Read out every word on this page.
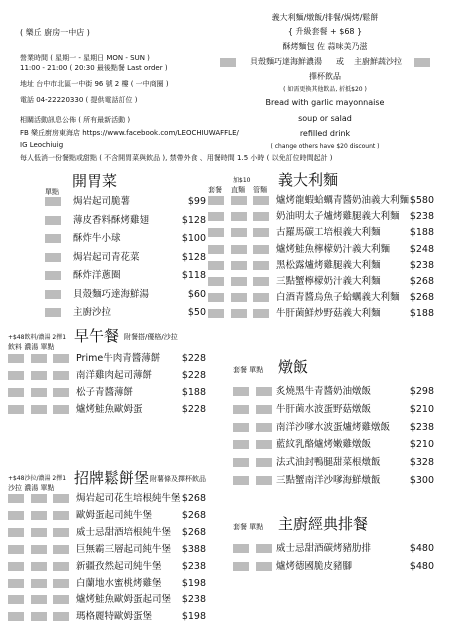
( 樂丘 廚房一中店 )
營業時間 ( 星期一 - 星期日 MON - SUN )
11:00 - 21:00 ( 20:30 最後點餐 Last order )
地址 台中市北區一中街 96 號 2 樓 ( 一中商圈 )
電話 04-22220330 ( 提供電話訂位 )
相關活動訊息公佈 ( 所有最新活動 )
FB 樂丘廚房東海店 https://www.facebook.com/LEOCHIUWAFFLE/
IG Leochiuig
每人低消一份餐點或甜點 ( 不含開胃菜與飲品 ), 禁帶外食 、用餐時間 1.5 小時 ( 以免訂位時間起計 )
義大利麵/燉飯/排餐/焗烤/鬆餅
{ 升級套餐 + $68 }
酥烤麵包 佐 蒜味美乃滋
貝殼麵巧達海鮮濃湯 或 主廚鮮蔬沙拉
擇杯飲品
( 如需更換其他飲品, 折抵$20 )
Bread with garlic mayonnaise
soup or salad
refilled drink
( change others have $20 discount )
開胃菜
單點
焗岩起司脆薯	$99
薄皮香料酥烤雞翅	$128
酥炸牛小球	$100
焗岩起司青花菜	$128
酥炸洋蔥圈	$118
貝殼麵巧達海鮮湯	$60
主廚沙拉	$50
加$10
套餐 直麵 管麵
義大利麵
爐烤龍蝦蛤蠣青醬奶油義大利麵 $580
奶油明太子爐烤雞腿義大利麵 $238
古羅馬碳工培根義大利麵	$188
爐烤鮭魚檸檬奶汁義大利麵 $248
黑松露爐烤雞腿義大利麵	$238
三點蟹檸檬奶汁義大利麵	$268
白酒青醬烏魚子蛤蠣義大利麵 $268
牛肝菌鮮炒野菇義大利麵	$188
+$48飲料/濃湯 2擇1
飲料 濃湯 單點
早午餐 附餐搭/優格/沙拉
Prime牛肉青醬薄餅 $228
南洋雞肉起司薄餅	$228
松子青醬薄餅	$188
爐烤鮭魚歐姆蛋	$228
套餐 單點 燉飯
炙燒黑牛青醬奶油燉飯	$298
牛肝菌水波蛋野菇燉飯	$210
南洋沙嗲水波蛋爐烤雞燉飯 $238
藍紋乳酪爐烤嫩雞燉飯	$210
法式油封鴨腿甜菜根燉飯	$328
三點蟹南洋沙嗲海鮮燉飯	$300
+$48沙拉/濃湯 2擇1
沙拉 濃湯 單點
招牌鬆餅堡 附薯條及擇杯飲品
焗岩起司花生培根純牛堡 $268
歐姆蛋起司純牛堡	$268
威士忌甜酒培根純牛堡 $268
巨無霸三層起司純牛堡 $388
新疆孜然起司純牛堡 $238
白蘭地水蜜桃烤雞堡 $198
爐烤鮭魚歐姆蛋起司堡 $238
瑪格麗特歐姆蛋堡	$198
套餐 單點 主廚經典排餐
威士忌甜酒碳烤豬肋排	$480
爐烤德國脆皮豬腳	$480
